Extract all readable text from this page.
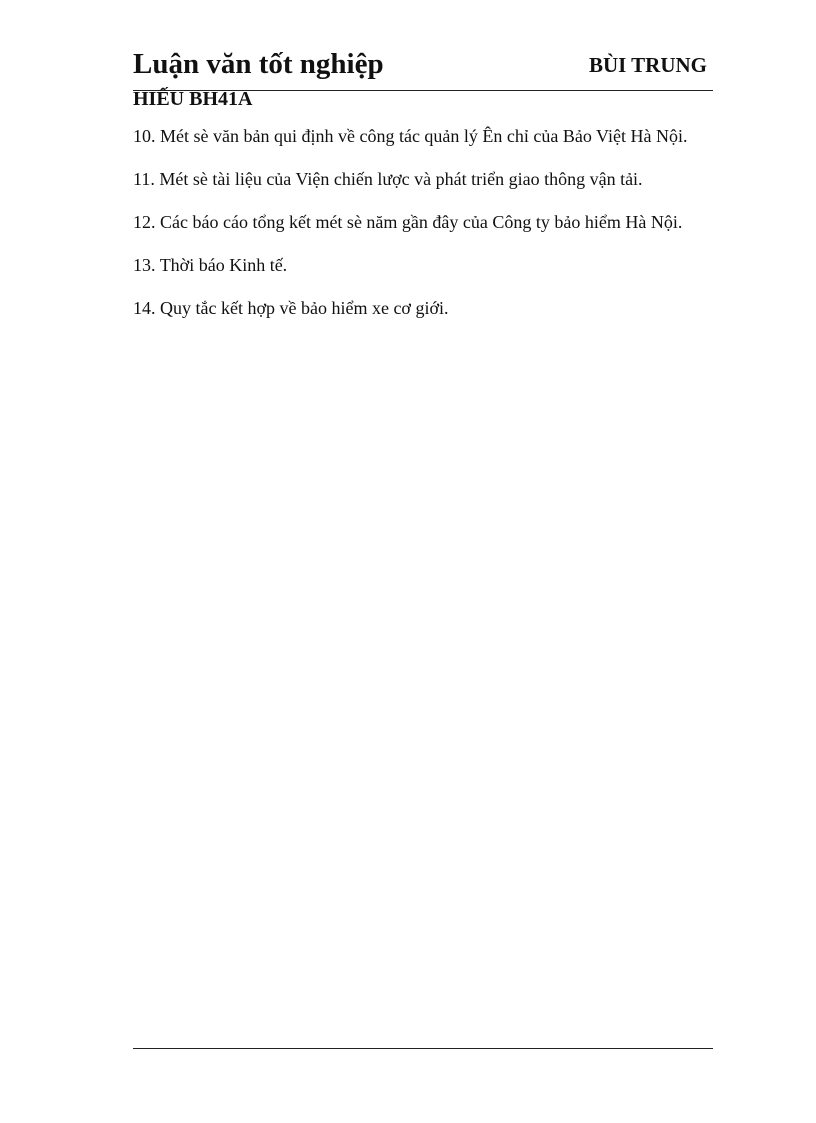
Luận văn tốt nghiệp	BÙI TRUNG
HIẾU BH41A
10. Mét sè văn bản qui định về công tác quản lý Ên chỉ của Bảo Việt Hà Nội.
11. Mét sè tài liệu của Viện chiến lược và phát triển giao thông vận tải.
12. Các báo cáo tổng kết mét sè năm gần đây của Công ty bảo hiểm Hà Nội.
13. Thời báo Kinh tế.
14. Quy tắc kết hợp về bảo hiểm xe cơ giới.
